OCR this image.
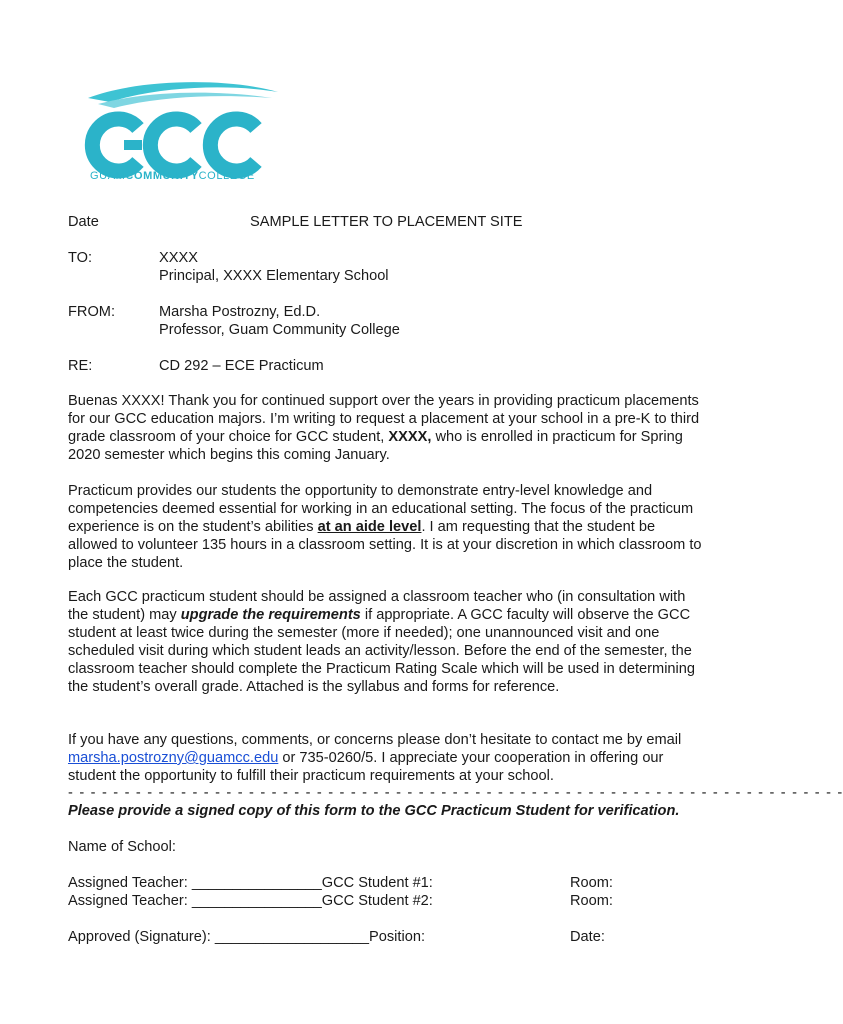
GUAMCOMMUNITYCOLLEGE
Date	SAMPLE LETTER TO PLACEMENT SITE
TO:	XXXX
Principal, XXXX Elementary School
FROM:	Marsha Postrozny, Ed.D.
Professor, Guam Community College
RE:	CD 292 – ECE Practicum

Buenas XXXX! Thank you for continued support over the years in providing practicum placements for our GCC education majors. I’m writing to request a placement at your school in a pre-K to third grade classroom of your choice for GCC student, XXXX, who is enrolled in practicum for Spring 2020 semester which begins this coming January.

Practicum provides our students the opportunity to demonstrate entry-level knowledge and competencies deemed essential for working in an educational setting. The focus of the practicum experience is on the student’s abilities at an aide level. I am requesting that the student be allowed to volunteer 135 hours in a classroom setting. It is at your discretion in which classroom to place the student.

Each GCC practicum student should be assigned a classroom teacher who (in consultation with the student) may upgrade the requirements if appropriate. A GCC faculty will observe the GCC student at least twice during the semester (more if needed); one unannounced visit and one scheduled visit during which student leads an activity/lesson. Before the end of the semester, the classroom teacher should complete the Practicum Rating Scale which will be used in determining the student’s overall grade. Attached is the syllabus and forms for reference.

If you have any questions, comments, or concerns please don’t hesitate to contact me by email marsha.postrozny@guamcc.edu or 735-0260/5. I appreciate your cooperation in offering our student the opportunity to fulfill their practicum requirements at your school.

- - - - - - - - - - - - - - - - - - - - - - - - - - - - - - - - - - - - - - - - - - - - - - - - - - - - - - - - - - - - - - - - - - - - -
Please provide a signed copy of this form to the GCC Practicum Student for verification.
Name of School:
Assigned Teacher: ________________GCC Student #1:	Room:
Assigned Teacher: ________________GCC Student #2:	Room:
Approved (Signature): ___________________Position:	Date:
